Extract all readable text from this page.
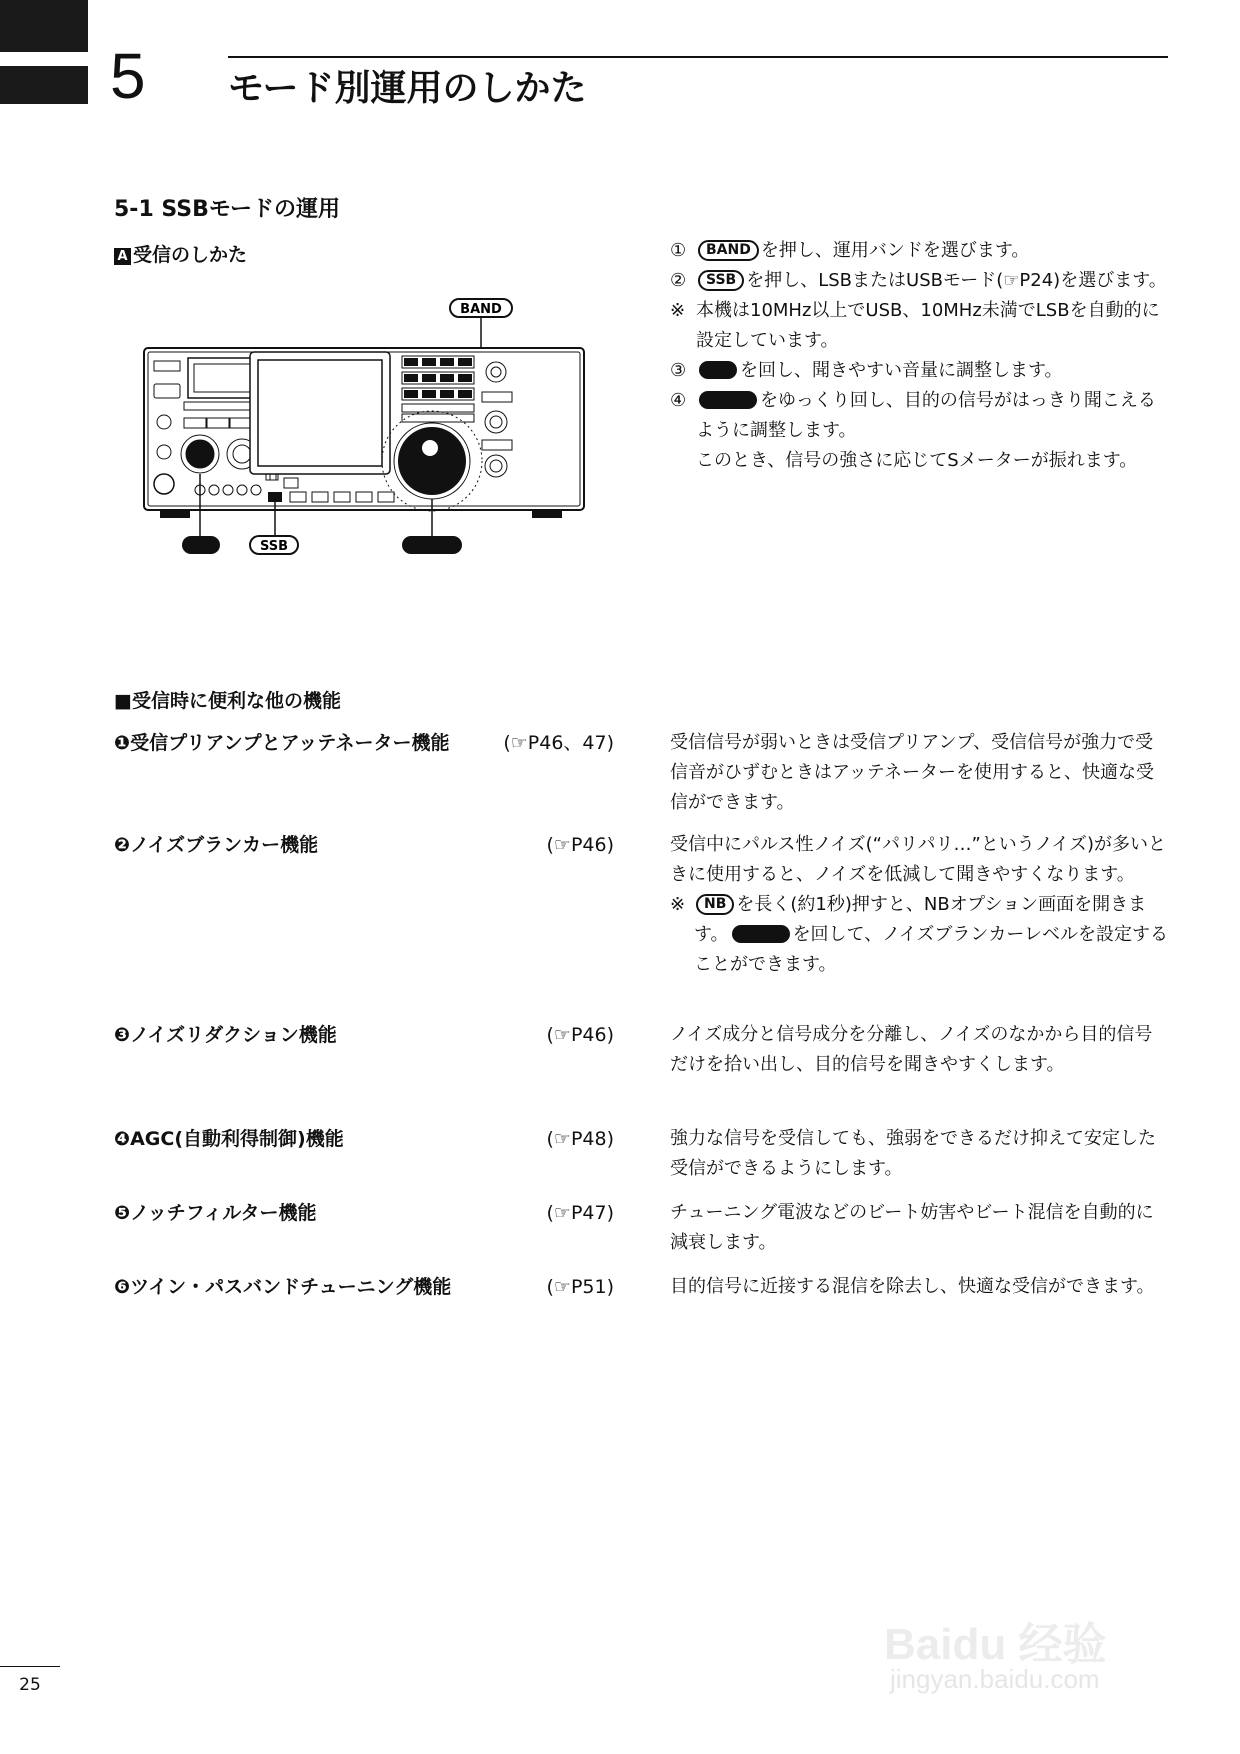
5 モード別運用のしかた
5-1 SSBモードの運用
A 受信のしかた
BAND
SSB
① BAND を押し、運用バンドを選びます。
② SSB を押し、LSBまたはUSBモード(☞P24)を選びます。
※ 本機は10MHz以上でUSB、10MHz未満でLSBを自動的に設定しています。
③	を回し、聞きやすい音量に調整します。
④	をゆっくり回し、目的の信号がはっきり聞こえるように調整します。
このとき、信号の強さに応じてSメーターが振れます。
■受信時に便利な他の機能
❶受信プリアンプとアッテネーター機能	(☞P46、47)	受信信号が弱いときは受信プリアンプ、受信信号が強力で受信音がひずむときはアッテネーターを使用すると、快適な受信ができます。
❷ノイズブランカー機能	(☞P46)	受信中にパルス性ノイズ(“パリパリ…”というノイズ)が多いときに使用すると、ノイズを低減して聞きやすくなります。
※ NB を長く(約1秒)押すと、NBオプション画面を開きます。	を回して、ノイズブランカーレベルを設定することができます。
❸ノイズリダクション機能	(☞P46)	ノイズ成分と信号成分を分離し、ノイズのなかから目的信号だけを拾い出し、目的信号を聞きやすくします。
❹AGC(自動利得制御)機能	(☞P48)	強力な信号を受信しても、強弱をできるだけ抑えて安定した受信ができるようにします。
❺ノッチフィルター機能	(☞P47)	チューニング電波などのビート妨害やビート混信を自動的に減衰します。
❻ツイン・パスバンドチューニング機能	(☞P51)	目的信号に近接する混信を除去し、快適な受信ができます。
25
Baidu 经验
jingyan.baidu.com
